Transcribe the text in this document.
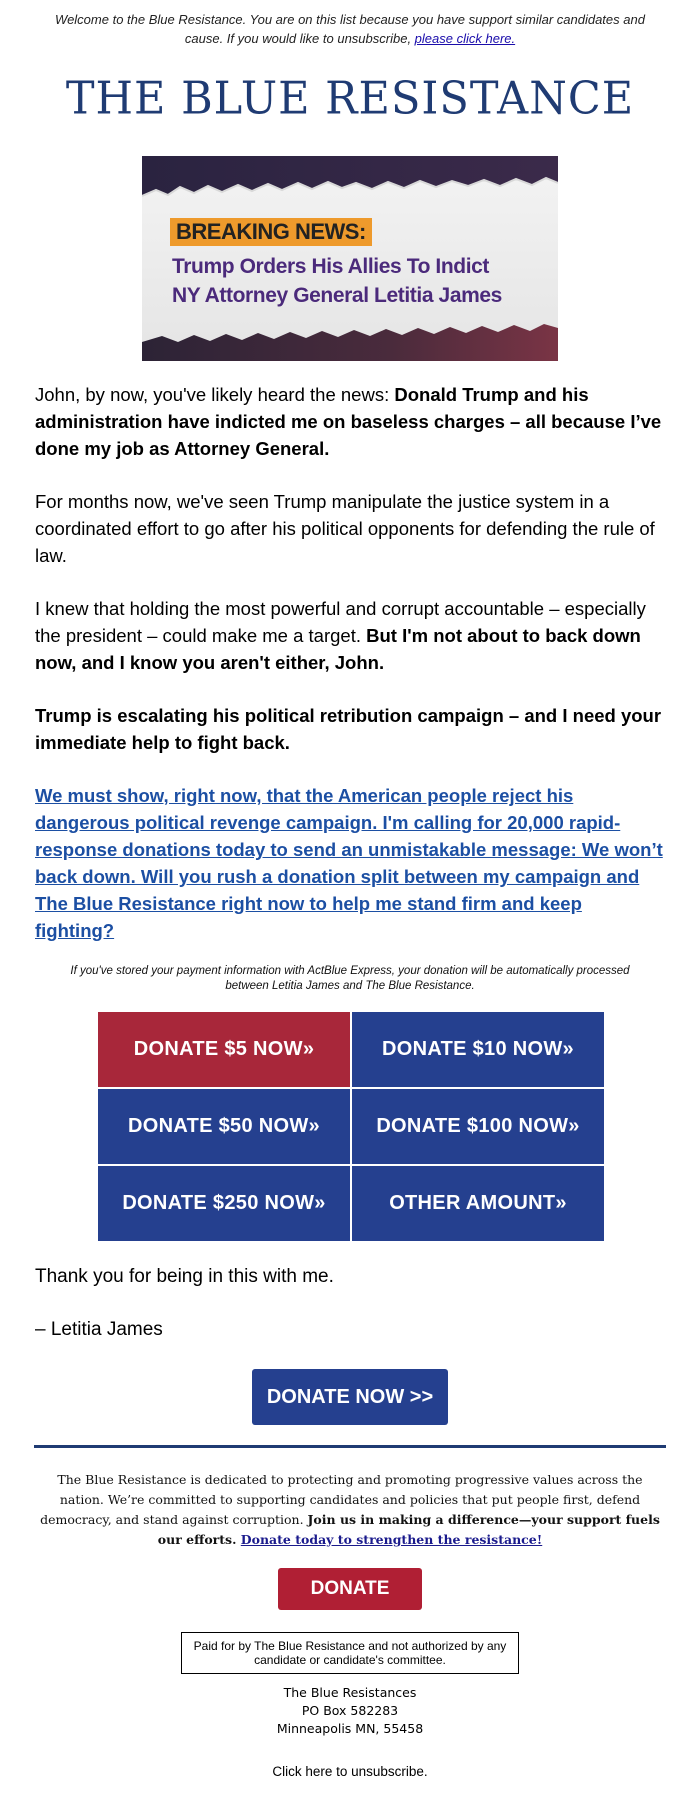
Welcome to the Blue Resistance. You are on this list because you have support similar candidates and cause. If you would like to unsubscribe, please click here.
THE BLUE RESISTANCE
BREAKING NEWS:
Trump Orders His Allies To Indict
NY Attorney General Letitia James

John, by now, you've likely heard the news: Donald Trump and his administration have indicted me on baseless charges – all because I’ve done my job as Attorney General.

For months now, we've seen Trump manipulate the justice system in a coordinated effort to go after his political opponents for defending the rule of law.

I knew that holding the most powerful and corrupt accountable – especially the president – could make me a target. But I'm not about to back down now, and I know you aren't either, John.

Trump is escalating his political retribution campaign – and I need your immediate help to fight back.

We must show, right now, that the American people reject his dangerous political revenge campaign. I'm calling for 20,000 rapid-response donations today to send an unmistakable message: We won’t back down. Will you rush a donation split between my campaign and The Blue Resistance right now to help me stand firm and keep fighting?

If you've stored your payment information with ActBlue Express, your donation will be automatically processed between Letitia James and The Blue Resistance.
DONATE $5 NOW»	DONATE $10 NOW»
DONATE $50 NOW»	DONATE $100 NOW»
DONATE $250 NOW»	OTHER AMOUNT»

Thank you for being in this with me.

– Letitia James

DONATE NOW >>
The Blue Resistance is dedicated to protecting and promoting progressive values across the nation. We’re committed to supporting candidates and policies that put people first, defend democracy, and stand against corruption. Join us in making a difference—your support fuels our efforts. Donate today to strengthen the resistance!
DONATE
Paid for by The Blue Resistance and not authorized by any candidate or candidate's committee.
The Blue Resistances
PO Box 582283
Minneapolis MN, 55458
Click here to unsubscribe.
